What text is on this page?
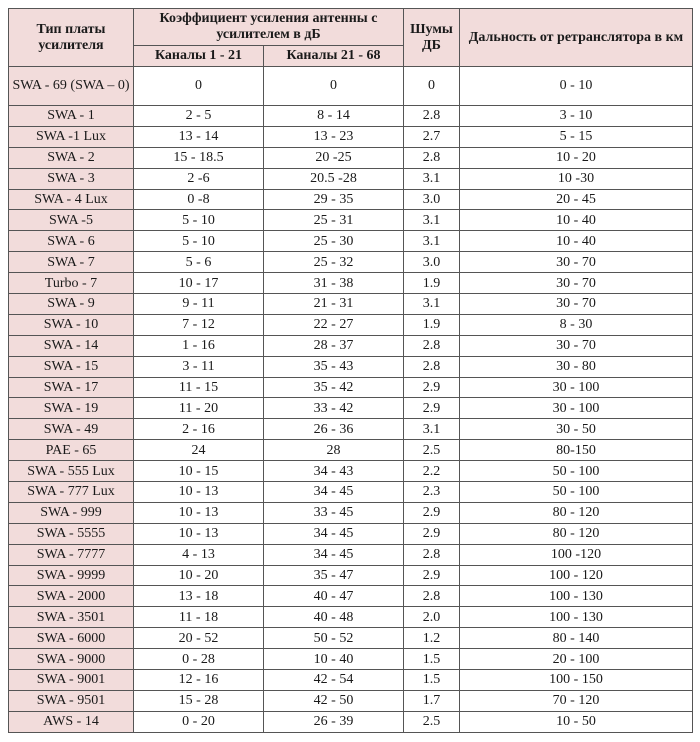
Тип платы усилителя	Коэффициент усиления антенны с усилителем в дБ		Шумы ДБ	Дальность от ретранслятора в км
	Каналы 1 - 21	Каналы 21 - 68		
SWA - 69 (SWA – 0)	0	0	0	0 - 10
SWA - 1	2 - 5	8 - 14	2.8	3 - 10
SWA -1 Lux	13 - 14	13 - 23	2.7	5 - 15
SWA - 2	15 - 18.5	20 -25	2.8	10 - 20
SWA - 3	2 -6	20.5 -28	3.1	10 -30
SWA - 4 Lux	0 -8	29 - 35	3.0	20 - 45
SWA -5	5 - 10	25 - 31	3.1	10 - 40
SWA - 6	5 - 10	25 - 30	3.1	10 - 40
SWA - 7	5 - 6	25 - 32	3.0	30 - 70
Turbo - 7	10 - 17	31 - 38	1.9	30 - 70
SWA - 9	9 - 11	21 - 31	3.1	30 - 70
SWA - 10	7 - 12	22 - 27	1.9	8 - 30
SWA - 14	1 - 16	28 - 37	2.8	30 - 70
SWA - 15	3 - 11	35 - 43	2.8	30 - 80
SWA - 17	11 - 15	35 - 42	2.9	30 - 100
SWA - 19	11 - 20	33 - 42	2.9	30 - 100
SWA - 49	2 - 16	26 - 36	3.1	30 - 50
PAE - 65	24	28	2.5	80-150
SWA - 555 Lux	10 - 15	34 - 43	2.2	50 - 100
SWA - 777 Lux	10 - 13	34 - 45	2.3	50 - 100
SWA - 999	10 - 13	33 - 45	2.9	80 - 120
SWA - 5555	10 - 13	34 - 45	2.9	80 - 120
SWA - 7777	4 - 13	34 - 45	2.8	100 -120
SWA - 9999	10 - 20	35 - 47	2.9	100 - 120
SWA - 2000	13 - 18	40 - 47	2.8	100 - 130
SWA - 3501	11 - 18	40 - 48	2.0	100 - 130
SWA - 6000	20 - 52	50 - 52	1.2	80 - 140
SWA - 9000	0 - 28	10 - 40	1.5	20 - 100
SWA - 9001	12 - 16	42 - 54	1.5	100 - 150
SWA - 9501	15 - 28	42 - 50	1.7	70 - 120
AWS - 14	0 - 20	26 - 39	2.5	10 - 50
